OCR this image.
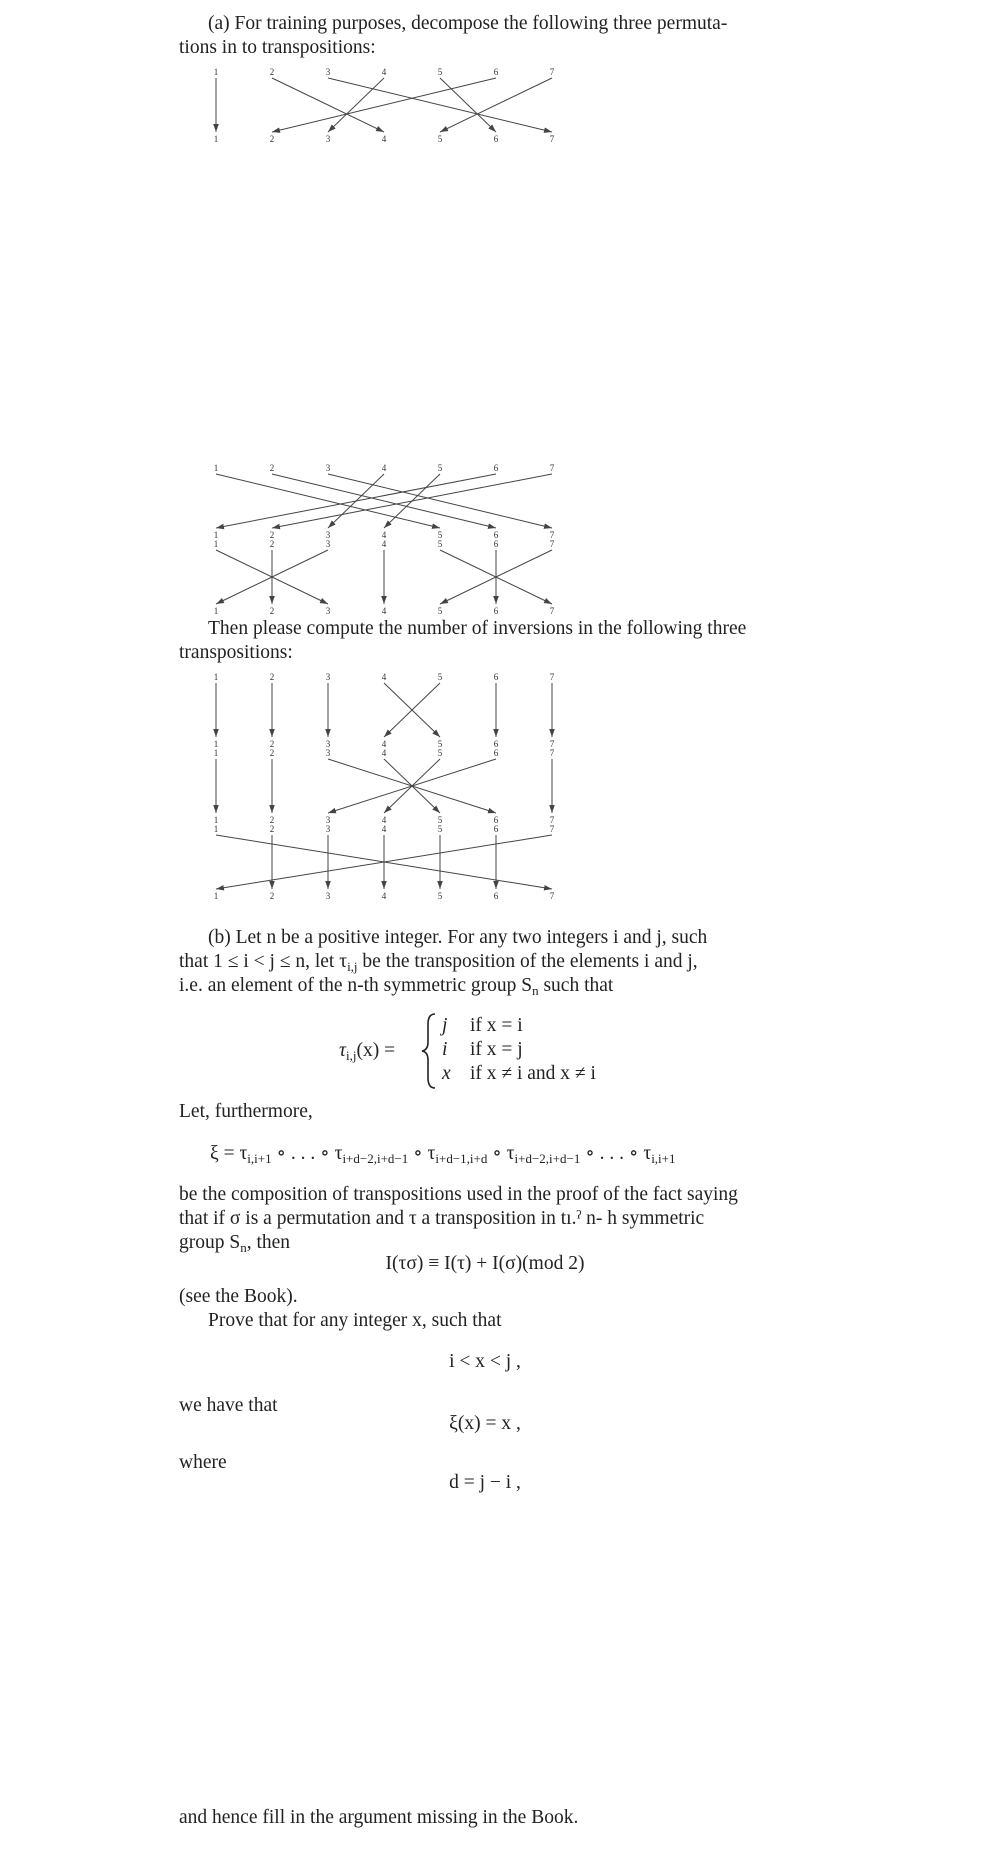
(a) For training purposes, decompose the following three permuta-
tions in to transpositions:
1
1
2
2
3
3
4
4
5
5
6
6
7
7
1
1
2
2
3
3
4
4
5
5
6
6
7
7
1
1
2
2
3
3
4
4
5
5
6
6
7
7
Then please compute the number of inversions in the following three
transpositions:
1
1
2
2
3
3
4
4
5
5
6
6
7
7
1
1
2
2
3
3
4
4
5
5
6
6
7
7
1
1
2
2
3
3
4
4
5
5
6
6
7
7
(b) Let n be a positive integer. For any two integers i and j, such
that 1 ≤ i < j ≤ n, let $\tau_{i,j}$ be the transposition of the elements i and j,
i.e. an element of the n-th symmetric group $S_n$ such that
$\tau_{i,j}(x)$ =
j if x = i
i if x = j
x if x ≠ i and x ≠ i
Let, furthermore,
$\xi = \tau_{i,i+1}$ ∘ . . . ∘ $\tau_{i+d-2,i+d-1}$ ∘ $\tau_{i+d-1,i+d}$ ∘ $\tau_{i+d-2,i+d-1}$ ∘ . . . ∘ $\tau_{i,i+1}$
be the composition of transpositions used in the proof of the fact saying
that if σ is a permutation and τ a transposition in tı.ˀ n- h symmetric
group $S_n$, then
I(τσ) ≡ I(τ) + I(σ)(mod 2)
(see the Book).
Prove that for any integer x, such that
i < x < j ,
we have that
ξ(x) = x ,
where
d = j − i ,
and hence fill in the argument missing in the Book.
